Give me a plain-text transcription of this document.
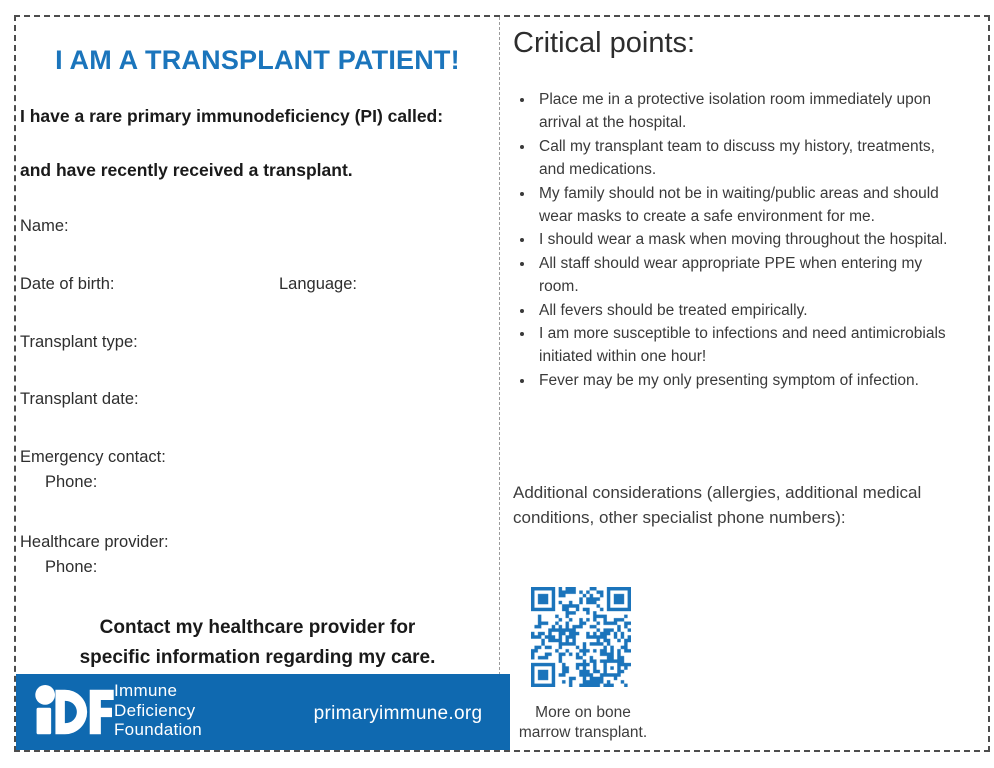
I AM A TRANSPLANT PATIENT!

I have a rare primary immunodeficiency (PI) called:

and have recently received a transplant.

Name:
Date of birth:	Language:
Transplant type:
Transplant date:
Emergency contact:
Phone:
Healthcare provider:
Phone:
Contact my healthcare provider for
specific information regarding my care.
Immune
Deficiency
Foundation
primaryimmune.org
Critical points:
• Place me in a protective isolation room immediately upon arrival at the hospital.
• Call my transplant team to discuss my history, treatments, and medications.
• My family should not be in waiting/public areas and should wear masks to create a safe environment for me.
• I should wear a mask when moving throughout the hospital.
• All staff should wear appropriate PPE when entering my room.
• All fevers should be treated empirically.
• I am more susceptible to infections and need antimicrobials initiated within one hour!
• Fever may be my only presenting symptom of infection.

Additional considerations (allergies, additional medical conditions, other specialist phone numbers):

More on bone
marrow transplant.
